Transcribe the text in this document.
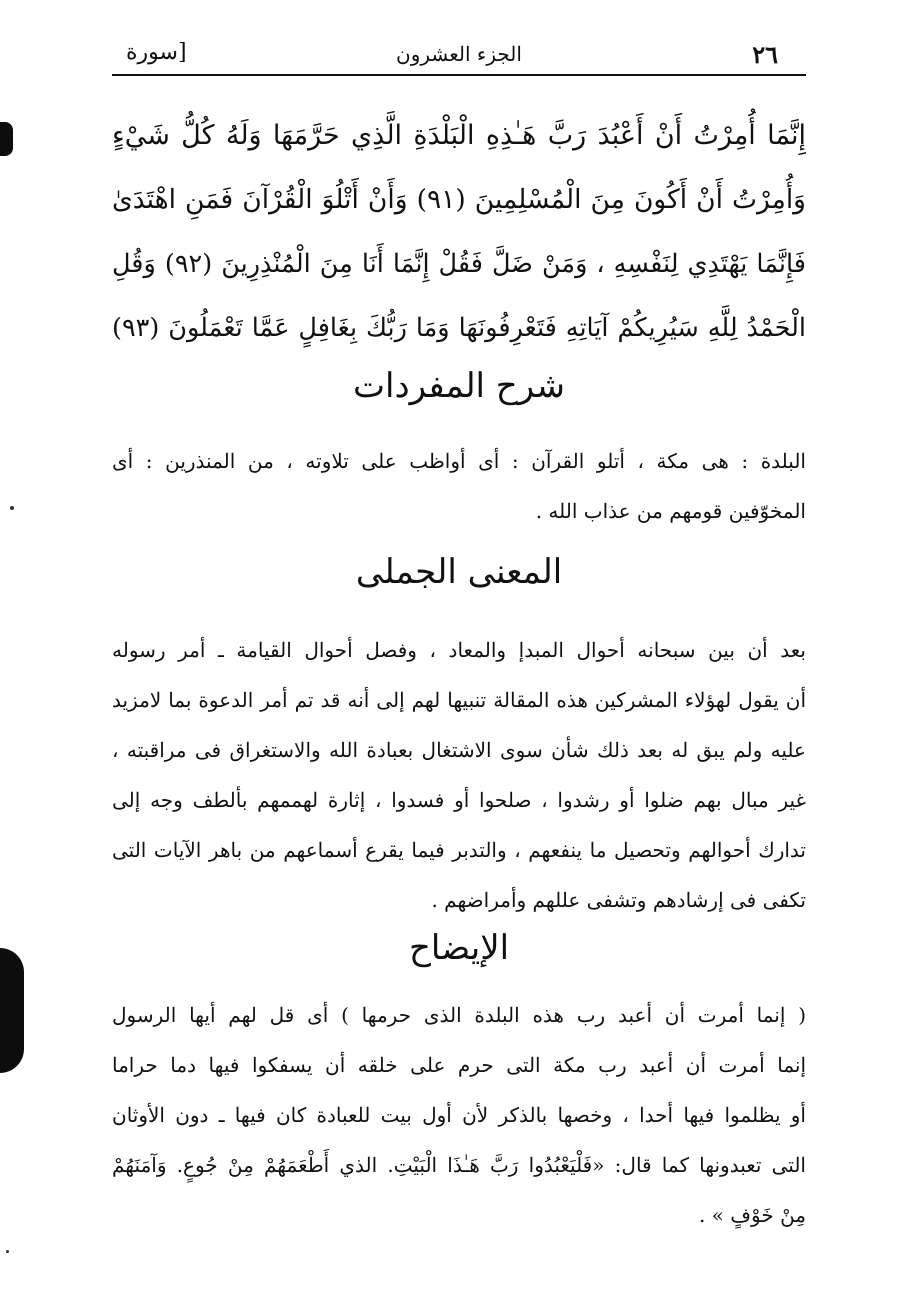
٢٦
الجزء العشرون
[سورة
إِنَّمَا أُمِرْتُ أَنْ أَعْبُدَ رَبَّ هَـٰذِهِ الْبَلْدَةِ الَّذِي حَرَّمَهَا وَلَهُ كُلُّ شَيْءٍ
وَأُمِرْتُ أَنْ أَكُونَ مِنَ الْمُسْلِمِينَ (٩١) وَأَنْ أَتْلُوَ الْقُرْآنَ فَمَنِ اهْتَدَىٰ
فَإِنَّمَا يَهْتَدِي لِنَفْسِهِ ، وَمَنْ ضَلَّ فَقُلْ إِنَّمَا أَنَا مِنَ الْمُنْذِرِينَ (٩٢) وَقُلِ
الْحَمْدُ لِلَّهِ سَيُرِيكُمْ آيَاتِهِ فَتَعْرِفُونَهَا وَمَا رَبُّكَ بِغَافِلٍ عَمَّا تَعْمَلُونَ (٩٣)
شرح المفردات
البلدة : هى مكة ، أتلو القرآن : أى أواظب على تلاوته ، من المنذرين : أى
المخوّفين قومهم من عذاب الله .
المعنى الجملى
بعد أن بين سبحانه أحوال المبدإ والمعاد ، وفصل أحوال القيامة ـ أمر رسوله
أن يقول لهؤلاء المشركين هذه المقالة تنبيها لهم إلى أنه قد تم أمر الدعوة بما لامزيد
عليه ولم يبق له بعد ذلك شأن سوى الاشتغال بعبادة الله والاستغراق فى مراقبته ،
غير مبال بهم ضلوا أو رشدوا ، صلحوا أو فسدوا ، إثارة لهممهم بألطف وجه إلى
تدارك أحوالهم وتحصيل ما ينفعهم ، والتدبر فيما يقرع أسماعهم من باهر الآيات التى
تكفى فى إرشادهم وتشفى عللهم وأمراضهم .
الإيضاح
( إنما أمرت أن أعبد رب هذه البلدة الذى حرمها ) أى قل لهم أيها الرسول
إنما أمرت أن أعبد رب مكة التى حرم على خلقه أن يسفكوا فيها دما حراما
أو يظلموا فيها أحدا ، وخصها بالذكر لأن أول بيت للعبادة كان فيها ـ دون الأوثان
التى تعبدونها كما قال: «فَلْيَعْبُدُوا رَبَّ هَـٰذَا الْبَيْتِ. الذي أَطْعَمَهُمْ مِنْ جُوعٍ. وَآمَنَهُمْ
مِنْ خَوْفٍ » .
